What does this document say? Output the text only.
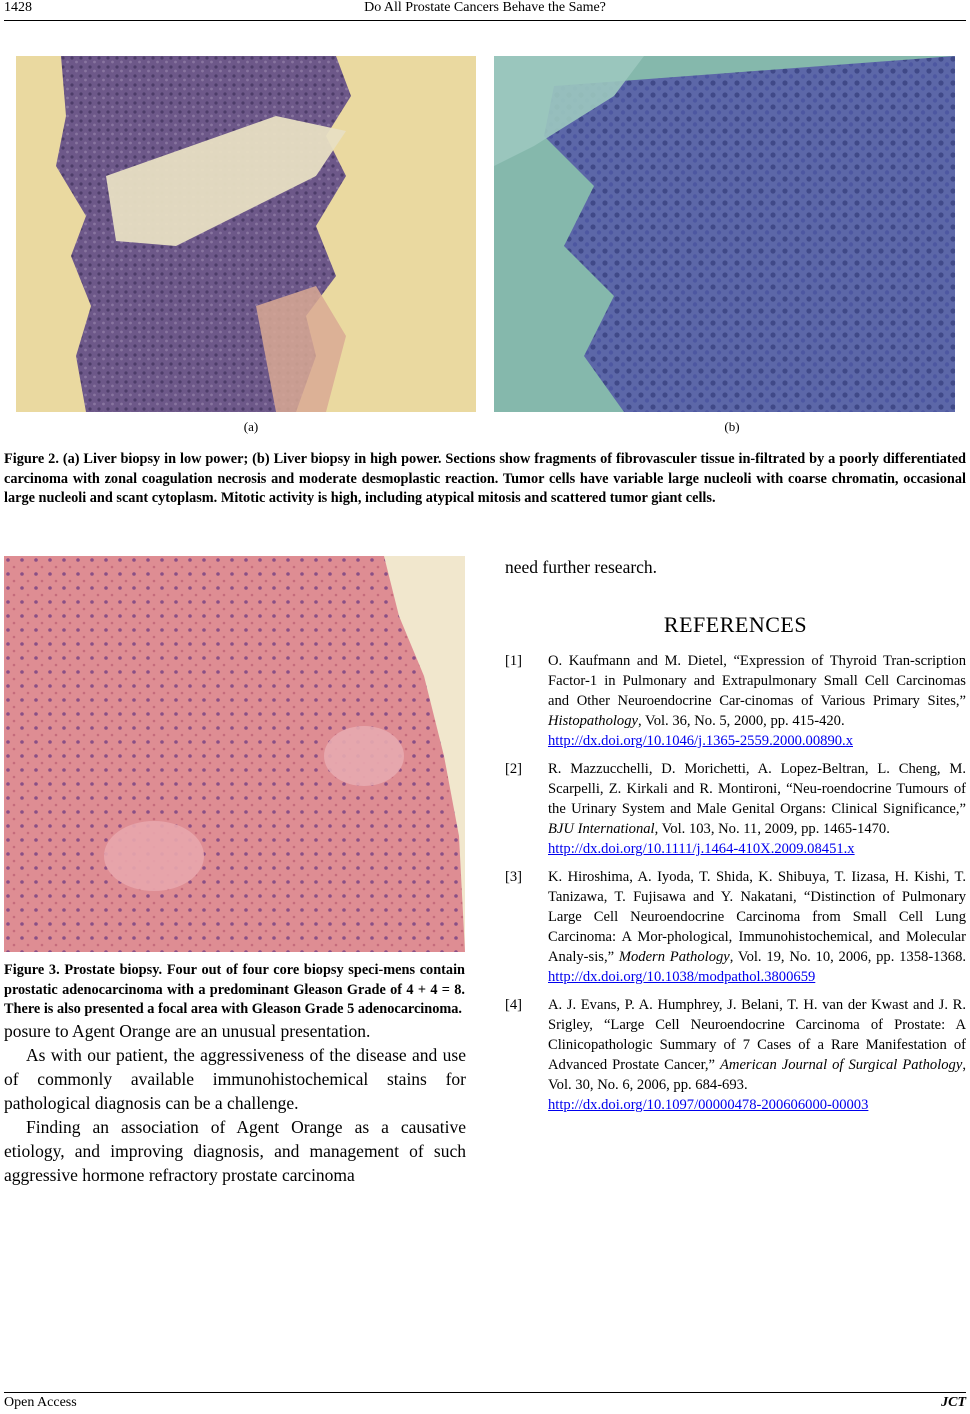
1428	Do All Prostate Cancers Behave the Same?
(a)	(b)
Figure 2. (a) Liver biopsy in low power; (b) Liver biopsy in high power. Sections show fragments of fibrovasculer tissue in-filtrated by a poorly differentiated carcinoma with zonal coagulation necrosis and moderate desmoplastic reaction. Tumor cells have variable large nucleoli with coarse chromatin, occasional large nucleoli and scant cytoplasm. Mitotic activity is high, including atypical mitosis and scattered tumor giant cells.
Figure 3. Prostate biopsy. Four out of four core biopsy speci-mens contain prostatic adenocarcinoma with a predominant Gleason Grade of 4 + 4 = 8. There is also presented a focal area with Gleason Grade 5 adenocarcinoma.

posure to Agent Orange are an unusual presentation.

As with our patient, the aggressiveness of the disease and use of commonly available immunohistochemical stains for pathological diagnosis can be a challenge.

Finding an association of Agent Orange as a causative etiology, and improving diagnosis, and management of such aggressive hormone refractory prostate carcinoma

need further research.
REFERENCES
[1] O. Kaufmann and M. Dietel, “Expression of Thyroid Tran-scription Factor-1 in Pulmonary and Extrapulmonary Small Cell Carcinomas and Other Neuroendocrine Car-cinomas of Various Primary Sites,” Histopathology, Vol. 36, No. 5, 2000, pp. 415-420.
http://dx.doi.org/10.1046/j.1365-2559.2000.00890.x
[2] R. Mazzucchelli, D. Morichetti, A. Lopez-Beltran, L. Cheng, M. Scarpelli, Z. Kirkali and R. Montironi, “Neu-roendocrine Tumours of the Urinary System and Male Genital Organs: Clinical Significance,” BJU International, Vol. 103, No. 11, 2009, pp. 1465-1470.
http://dx.doi.org/10.1111/j.1464-410X.2009.08451.x
[3] K. Hiroshima, A. Iyoda, T. Shida, K. Shibuya, T. Iizasa, H. Kishi, T. Tanizawa, T. Fujisawa and Y. Nakatani, “Distinction of Pulmonary Large Cell Neuroendocrine Carcinoma from Small Cell Lung Carcinoma: A Mor-phological, Immunohistochemical, and Molecular Analy-sis,” Modern Pathology, Vol. 19, No. 10, 2006, pp. 1358-1368. http://dx.doi.org/10.1038/modpathol.3800659
[4] A. J. Evans, P. A. Humphrey, J. Belani, T. H. van der Kwast and J. R. Srigley, “Large Cell Neuroendocrine Carcinoma of Prostate: A Clinicopathologic Summary of 7 Cases of a Rare Manifestation of Advanced Prostate Cancer,” American Journal of Surgical Pathology, Vol. 30, No. 6, 2006, pp. 684-693.
http://dx.doi.org/10.1097/00000478-200606000-00003
Open Access	JCT
